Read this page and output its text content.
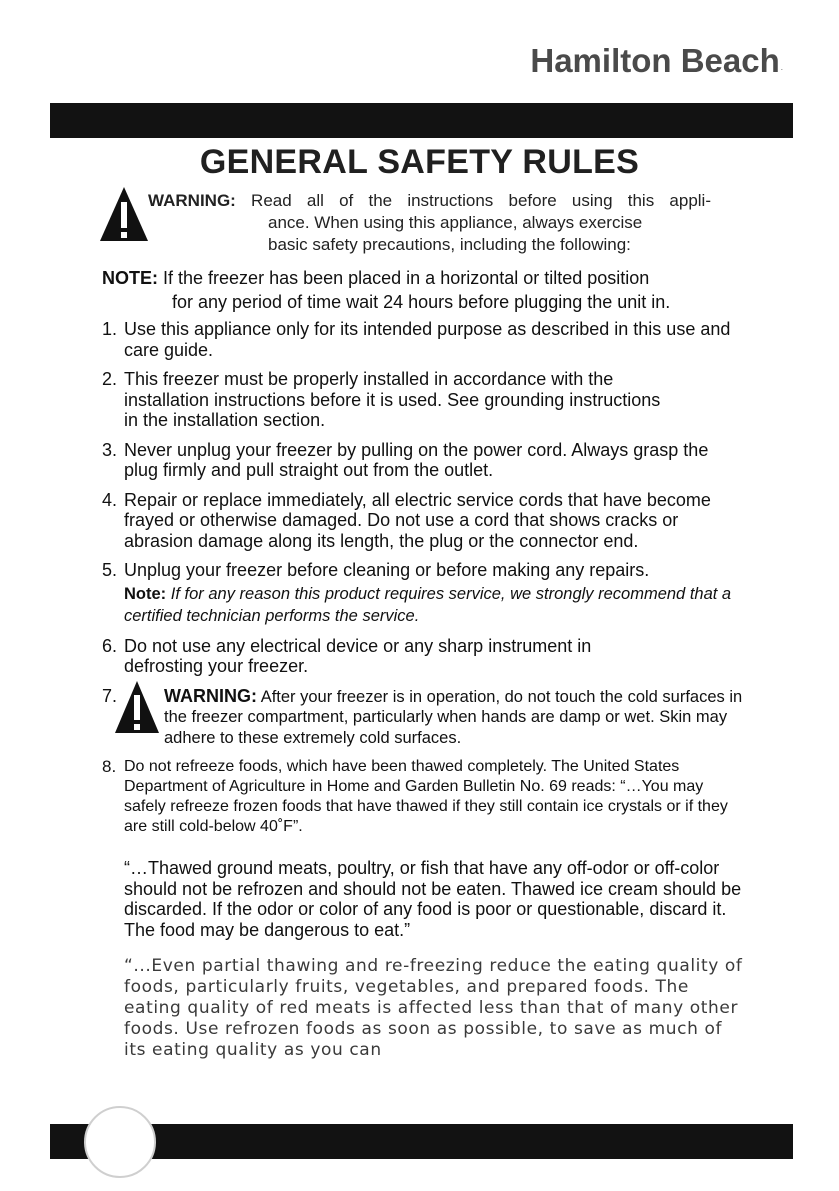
Hamilton Beach.
GENERAL SAFETY RULES
WARNING: Read all of the instructions before using this appli-
ance. When using this appliance, always exercise
basic safety precautions, including the following:
NOTE: If the freezer has been placed in a horizontal or tilted position
for any period of time wait 24 hours before plugging the unit in.
1. Use this appliance only for its intended purpose as described in this use and care guide.
2. This freezer must be properly installed in accordance with the installation instructions before it is used. See grounding instructions in the installation section.
3. Never unplug your freezer by pulling on the power cord. Always grasp the plug firmly and pull straight out from the outlet.
4. Repair or replace immediately, all electric service cords that have become frayed or otherwise damaged. Do not use a cord that shows cracks or abrasion damage along its length, the plug or the connector end.
5. Unplug your freezer before cleaning or before making any repairs.
Note: If for any reason this product requires service, we strongly recommend that a certified technician performs the service.
6. Do not use any electrical device or any sharp instrument in defrosting your freezer.
7.	WARNING: After your freezer is in operation, do not touch the cold surfaces in the freezer compartment, particularly when hands are damp or wet. Skin may adhere to these extremely cold surfaces.
8. Do not refreeze foods, which have been thawed completely. The United States Department of Agriculture in Home and Garden Bulletin No. 69 reads: “…You may safely refreeze frozen foods that have thawed if they still contain ice crystals or if they are still cold-below 40˚F”.

“…Thawed ground meats, poultry, or fish that have any off-odor or off-color should not be refrozen and should not be eaten. Thawed ice cream should be discarded. If the odor or color of any food is poor or questionable, discard it. The food may be dangerous to eat.”

“...Even partial thawing and re-freezing reduce the eating quality of foods, particularly fruits, vegetables, and prepared foods. The eating quality of red meats is affected less than that of many other foods. Use refrozen foods as soon as possible, to save as much of its eating quality as you can
